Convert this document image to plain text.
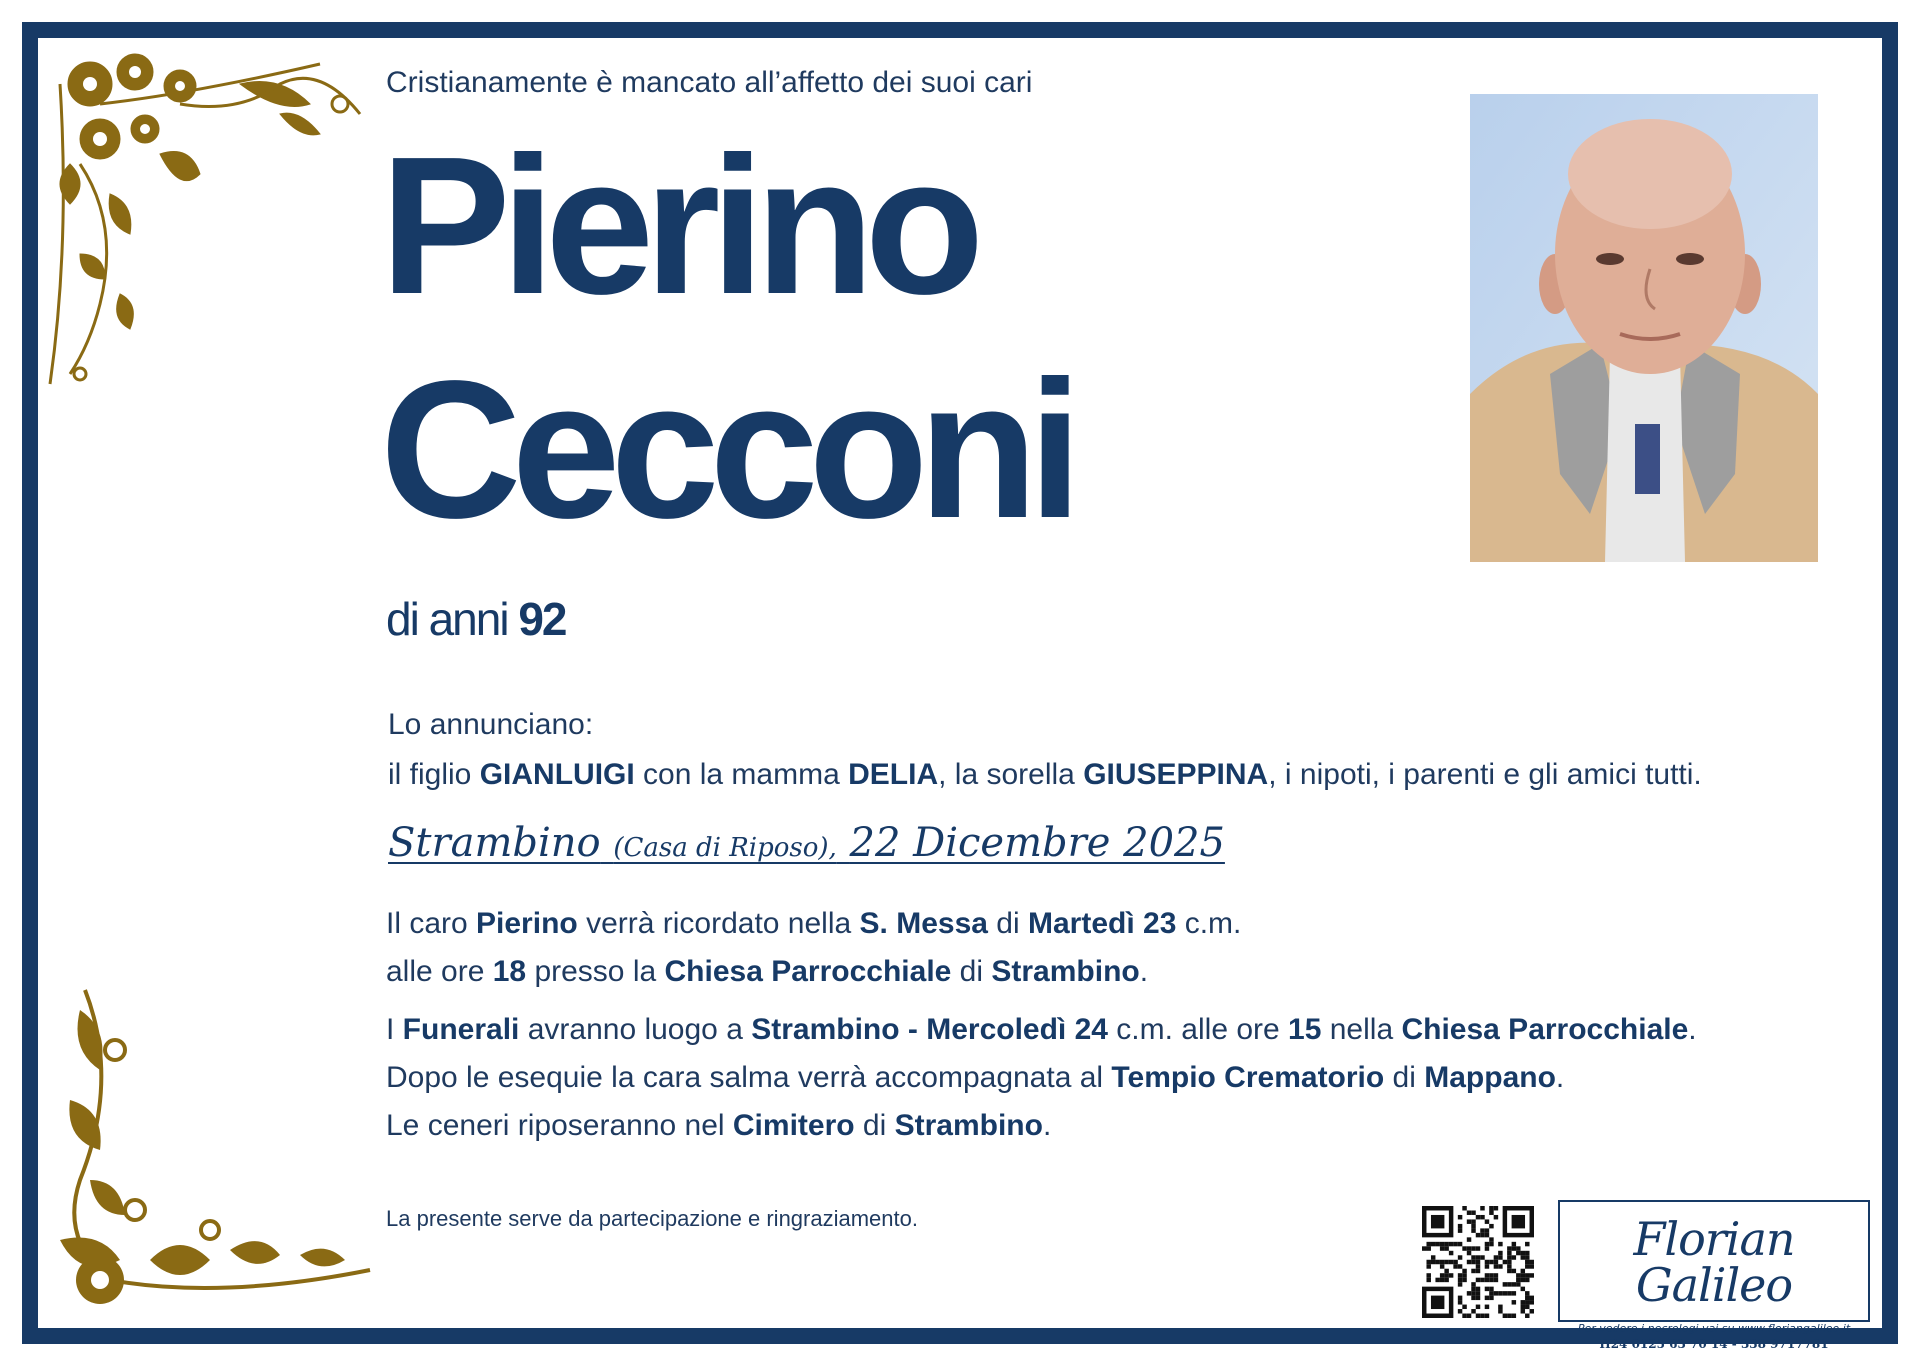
Cristianamente è mancato all’affetto dei suoi cari
Pierino
Cecconi
di anni 92
Lo annunciano:
il figlio GIANLUIGI con la mamma DELIA, la sorella GIUSEPPINA, i nipoti, i parenti e gli amici tutti.
Strambino (Casa di Riposo), 22 Dicembre 2025

Il caro Pierino verrà ricordato nella S. Messa di Martedì 23 c.m.

alle ore 18 presso la Chiesa Parrocchiale di Strambino.

I Funerali avranno luogo a Strambino - Mercoledì 24 c.m. alle ore 15 nella Chiesa Parrocchiale.

Dopo le esequie la cara salma verrà accompagnata al Tempio Crematorio di Mappano.

Le ceneri riposeranno nel Cimitero di Strambino.

La presente serve da partecipazione e ringraziamento.	Florian Galileo
Per vedere i necrologi vai su www.floriangalileo.it
H24 0125 63 70 14 - 338 9717781
